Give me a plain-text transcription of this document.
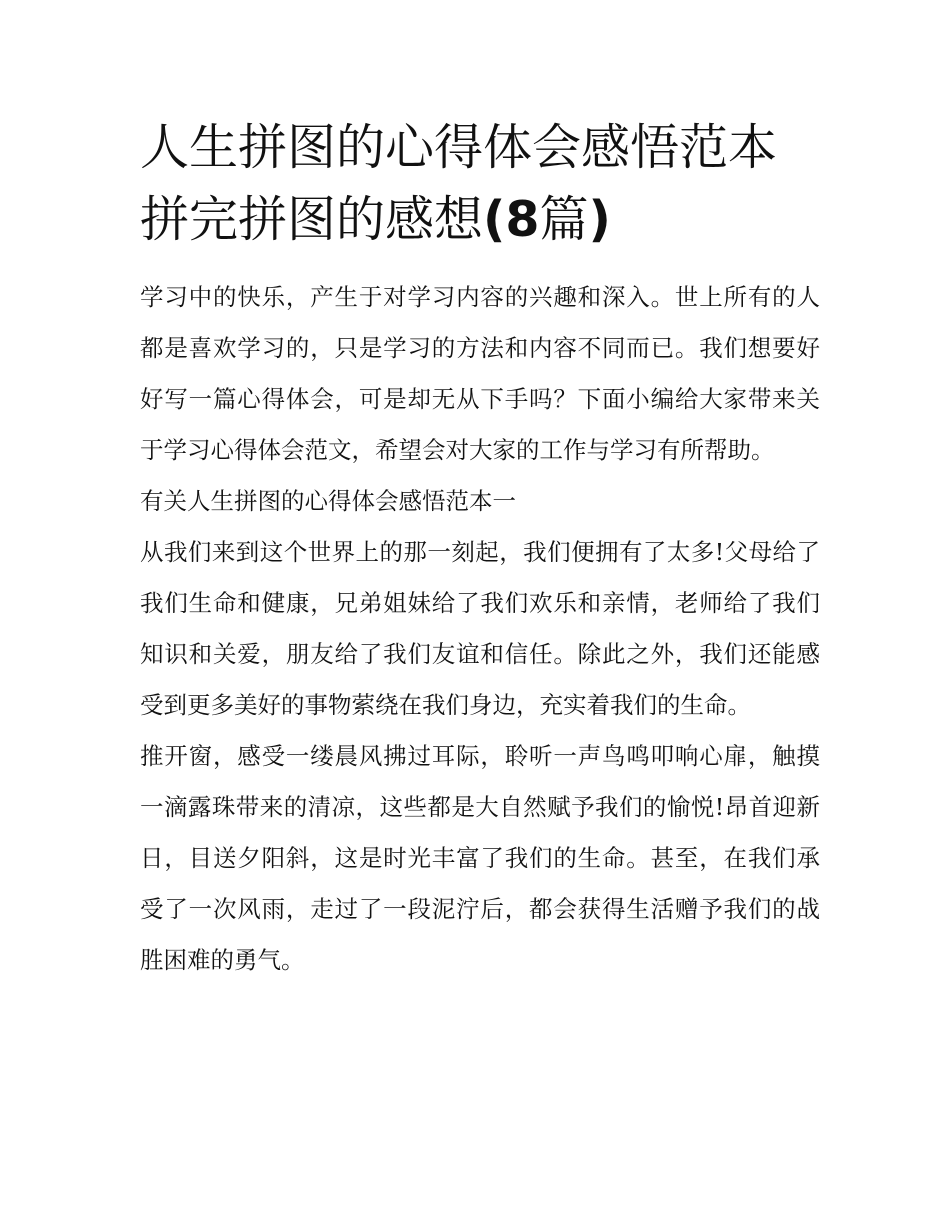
人生拼图的心得体会感悟范本
拼完拼图的感想(8篇)

学习中的快乐，产生于对学习内容的兴趣和深入。世上所有的人都是喜欢学习的，只是学习的方法和内容不同而已。我们想要好好写一篇心得体会，可是却无从下手吗？下面小编给大家带来关于学习心得体会范文，希望会对大家的工作与学习有所帮助。

有关人生拼图的心得体会感悟范本一

从我们来到这个世界上的那一刻起，我们便拥有了太多!父母给了我们生命和健康，兄弟姐妹给了我们欢乐和亲情，老师给了我们知识和关爱，朋友给了我们友谊和信任。除此之外，我们还能感受到更多美好的事物萦绕在我们身边，充实着我们的生命。

推开窗，感受一缕晨风拂过耳际，聆听一声鸟鸣叩响心扉，触摸一滴露珠带来的清凉，这些都是大自然赋予我们的愉悦!昂首迎新日，目送夕阳斜，这是时光丰富了我们的生命。甚至，在我们承受了一次风雨，走过了一段泥泞后，都会获得生活赠予我们的战胜困难的勇气。
